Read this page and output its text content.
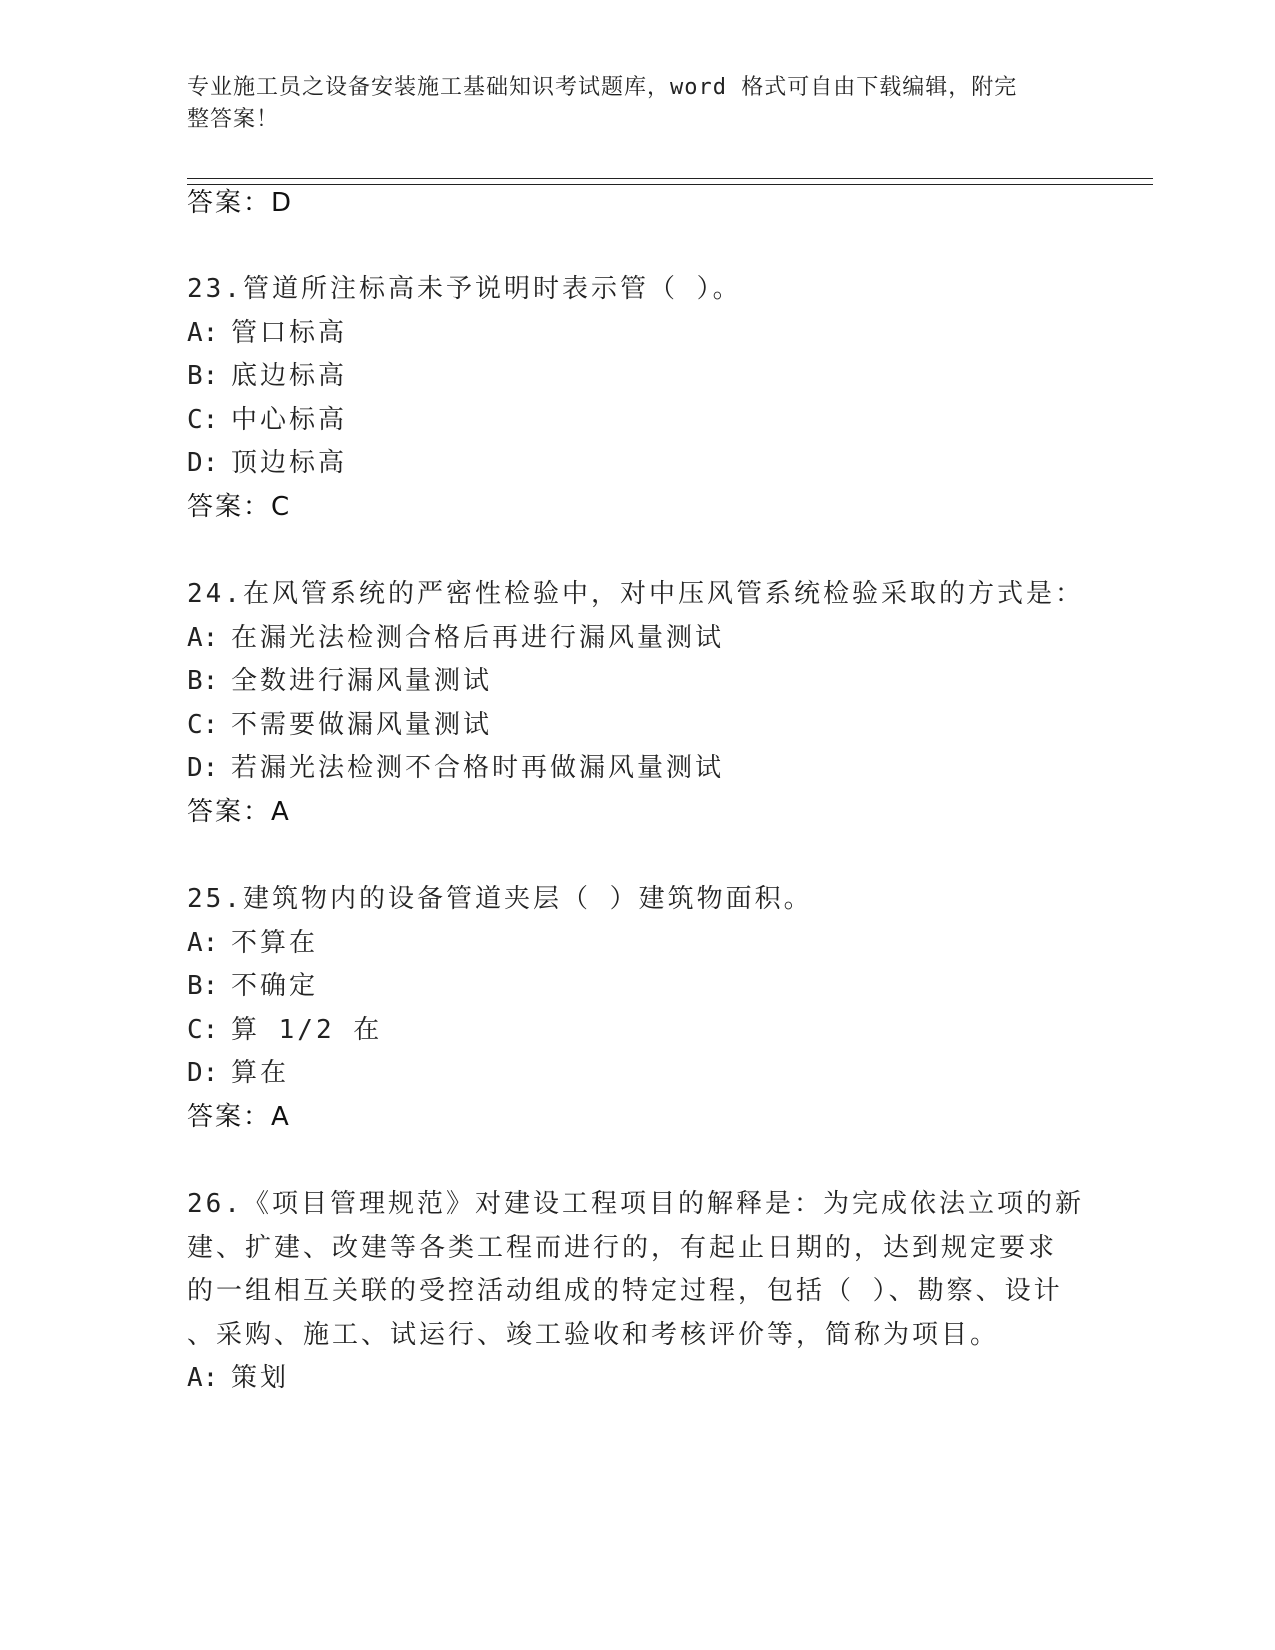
专业施工员之设备安装施工基础知识考试题库，word 格式可自由下载编辑，附完
整答案！
答案：D
23.管道所注标高未予说明时表示管（ ）。
A: 管口标高
B: 底边标高
C: 中心标高
D: 顶边标高
答案：C
24.在风管系统的严密性检验中，对中压风管系统检验采取的方式是：
A: 在漏光法检测合格后再进行漏风量测试
B: 全数进行漏风量测试
C: 不需要做漏风量测试
D: 若漏光法检测不合格时再做漏风量测试
答案：A
25.建筑物内的设备管道夹层（ ）建筑物面积。
A: 不算在
B: 不确定
C: 算 1/2 在
D: 算在
答案：A
26.《项目管理规范》对建设工程项目的解释是：为完成依法立项的新
建、扩建、改建等各类工程而进行的，有起止日期的，达到规定要求
的一组相互关联的受控活动组成的特定过程，包括（ ）、勘察、设计
、采购、施工、试运行、竣工验收和考核评价等，简称为项目。
A: 策划
